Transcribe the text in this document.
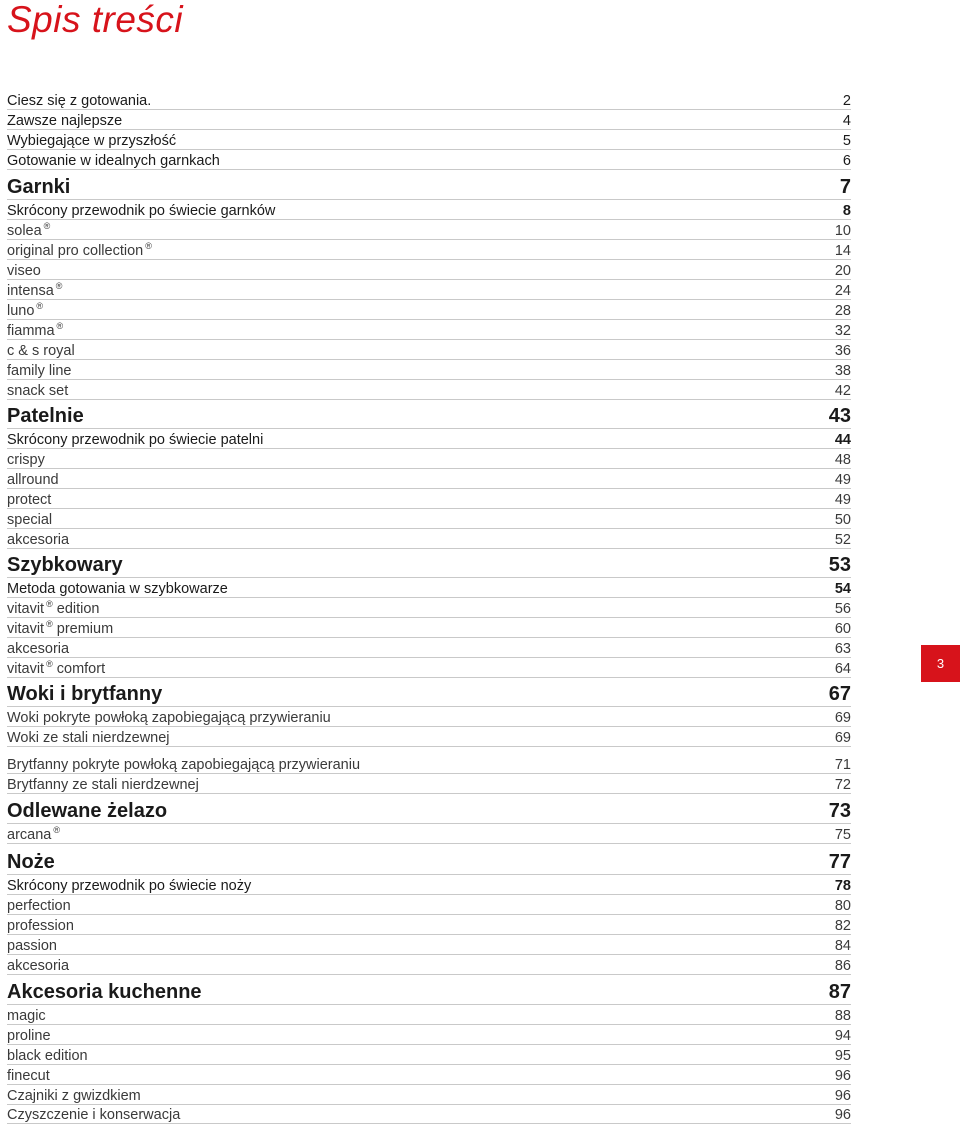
Spis treści
Ciesz się z gotowania.	2
Zawsze najlepsze	4
Wybiegające w przyszłość	5
Gotowanie w idealnych garnkach	6
Garnki	7
Skrócony przewodnik po świecie garnków	8
solea ®	10
original pro collection ®	14
viseo	20
intensa ®	24
luno ®	28
fiamma ®	32
c & s royal	36
family line	38
snack set	42
Patelnie	43
Skrócony przewodnik po świecie patelni	44
crispy	48
allround	49
protect	49
special	50
akcesoria	52
Szybkowary	53
Metoda gotowania w szybkowarze	54
vitavit ® edition	56
vitavit ® premium	60
akcesoria	63
vitavit ® comfort	64
Woki i brytfanny	67
Woki pokryte powłoką zapobiegającą przywieraniu	69
Woki ze stali nierdzewnej	69
Brytfanny pokryte powłoką zapobiegającą przywieraniu	71
Brytfanny ze stali nierdzewnej	72
Odlewane żelazo	73
arcana ®	75
Noże	77
Skrócony przewodnik po świecie noży	78
perfection	80
profession	82
passion	84
akcesoria	86
Akcesoria kuchenne	87
magic	88
proline	94
black edition	95
finecut	96
Czajniki z gwizdkiem	96
Czyszczenie i konserwacja	96
3
